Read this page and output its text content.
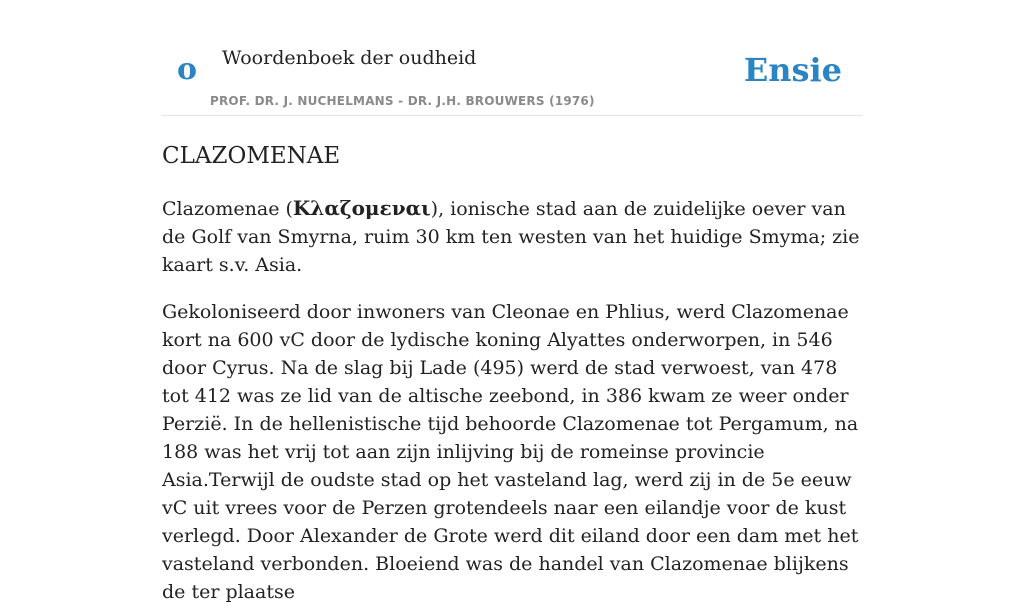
o Woordenboek der oudheid
PROF. DR. J. NUCHELMANS - DR. J.H. BROUWERS (1976)
Ensie
CLAZOMENAE

Clazomenae (Κλαζομεναι), ionische stad aan de zuidelijke oever van de Golf van Smyrna, ruim 30 km ten westen van het huidige Smyma; zie kaart s.v. Asia.

Gekoloniseerd door inwoners van Cleonae en Phlius, werd Clazomenae kort na 600 vC door de lydische koning Alyattes onderworpen, in 546 door Cyrus. Na de slag bij Lade (495) werd de stad verwoest, van 478 tot 412 was ze lid van de altische zeebond, in 386 kwam ze weer onder Perzië. In de hellenistische tijd behoorde Clazomenae tot Pergamum, na 188 was het vrij tot aan zijn inlijving bij de romeinse provincie Asia.Terwijl de oudste stad op het vasteland lag, werd zij in de 5e eeuw vC uit vrees voor de Perzen grotendeels naar een eilandje voor de kust verlegd. Door Alexander de Grote werd dit eiland door een dam met het vasteland verbonden. Bloeiend was de handel van Clazomenae blijkens de ter plaatse
